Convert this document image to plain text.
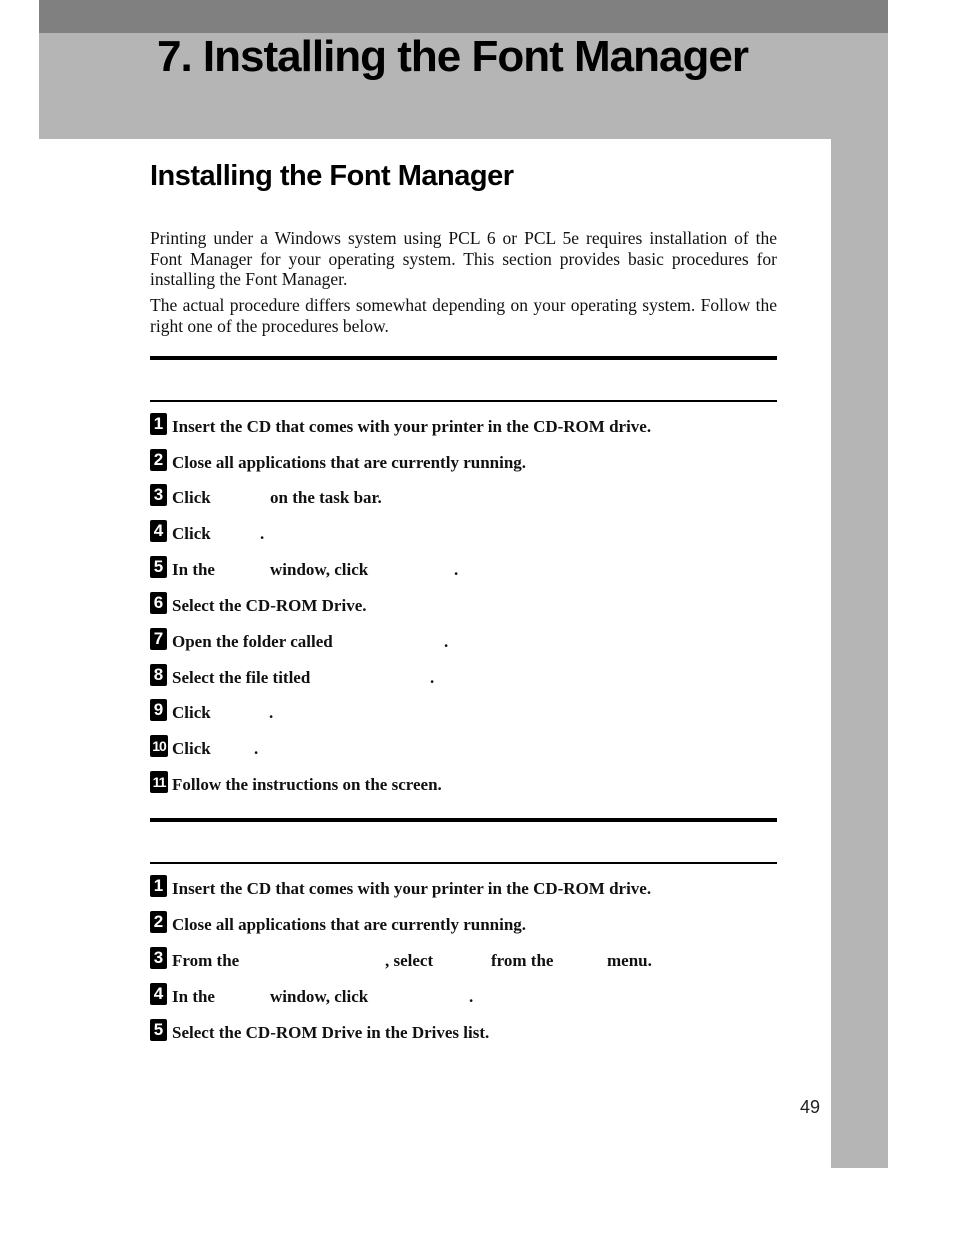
7. Installing the Font Manager
Installing the Font Manager

Printing under a Windows system using PCL 6 or PCL 5e requires installation of the Font Manager for your operating system. This section provides basic procedures for installing the Font Manager.

The actual procedure differs somewhat depending on your operating system. Follow the right one of the procedures below.

1 Insert the CD that comes with your printer in the CD-ROM drive.
2 Close all applications that are currently running.
3 Click	on the task bar.
4 Click	.
5 In the	window, click	.
6 Select the CD-ROM Drive.
7 Open the folder called	.
8 Select the file titled	.
9 Click	.
10 Click	.
11 Follow the instructions on the screen.
1 Insert the CD that comes with your printer in the CD-ROM drive.
2 Close all applications that are currently running.
3 From the	, select	from the	menu.
4 In the	window, click	.
5 Select the CD-ROM Drive in the Drives list.
49
